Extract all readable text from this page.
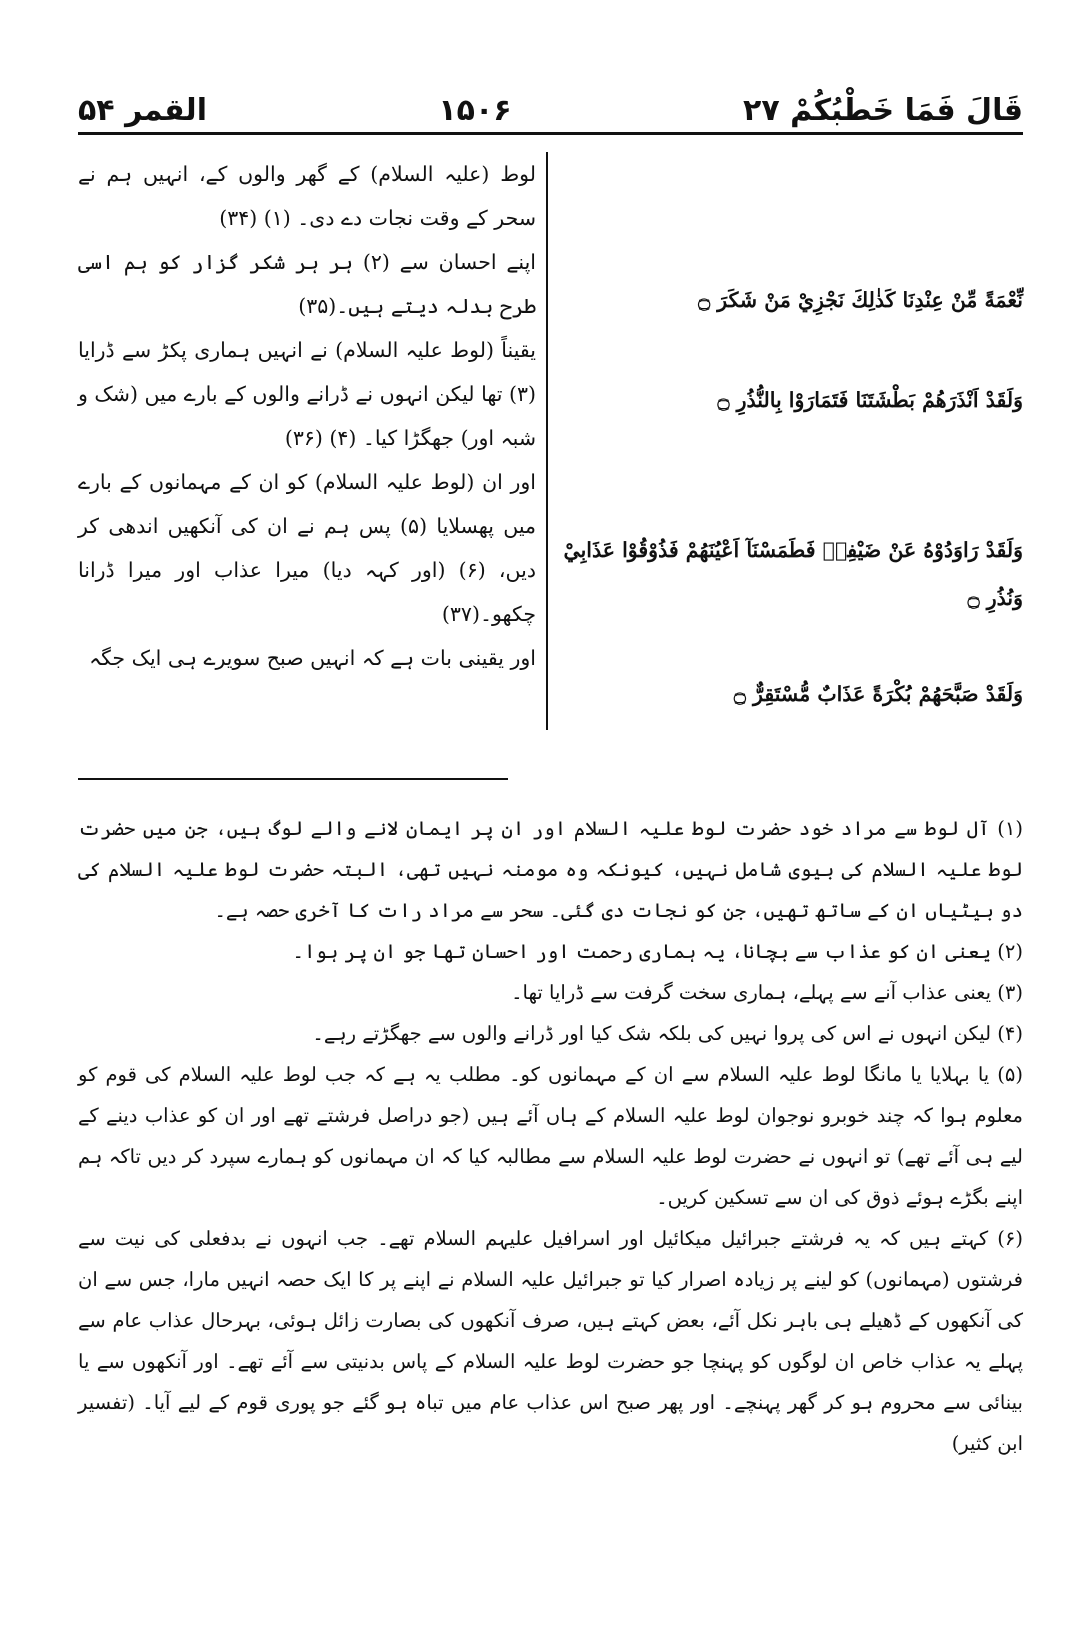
القمر ۵۴	۱۵۰۶	قَالَ فَمَا خَطْبُكُمْ ۲۷

لوط (علیہ السلام) کے گھر والوں کے، انہیں ہم نے سحر کے وقت نجات دے دی۔ (۱) (۳۴)

اپنے احسان سے (۲) ہر ہر شکر گزار کو ہم اسی طرح بدلہ دیتے ہیں۔(۳۵)

یقیناً (لوط علیہ السلام) نے انہیں ہماری پکڑ سے ڈرایا (۳) تھا لیکن انہوں نے ڈرانے والوں کے بارے میں (شک و شبہ اور) جھگڑا کیا۔ (۴) (۳۶)

اور ان (لوط علیہ السلام) کو ان کے مہمانوں کے بارے میں پھسلایا (۵) پس ہم نے ان کی آنکھیں اندھی کر دیں، (۶) (اور کہہ دیا) میرا عذاب اور میرا ڈرانا چکھو۔(۳۷)

اور یقینی بات ہے کہ انہیں صبح سویرے ہی ایک جگہ

نِّعْمَةً مِّنْ عِنْدِنَا كَذٰلِكَ نَجْزِيْ مَنْ شَكَرَ ۝
وَلَقَدْ اَنْذَرَهُمْ بَطْشَتَنَا فَتَمَارَوْا بِالنُّذُرِ ۝
وَلَقَدْ رَاوَدُوْهُ عَنْ ضَيْفِهٖ فَطَمَسْنَآ اَعْيُنَهُمْ فَذُوْقُوْا عَذَابِيْ وَنُذُرِ ۝
وَلَقَدْ صَبَّحَهُمْ بُكْرَةً عَذَابٌ مُّسْتَقِرٌّ ۝

(۱) آل لوط سے مراد خود حضرت لوط علیہ السلام اور ان پر ایمان لانے والے لوگ ہیں، جن میں حضرت لوط علیہ السلام کی بیوی شامل نہیں، کیونکہ وہ مومنہ نہیں تھی، البتہ حضرت لوط علیہ السلام کی دو بیٹیاں ان کے ساتھ تھیں، جن کو نجات دی گئی۔ سحر سے مراد رات کا آخری حصہ ہے۔

(۲) یعنی ان کو عذاب سے بچانا، یہ ہماری رحمت اور احسان تھا جو ان پر ہوا۔

(۳) یعنی عذاب آنے سے پہلے، ہماری سخت گرفت سے ڈرایا تھا۔

(۴) لیکن انہوں نے اس کی پروا نہیں کی بلکہ شک کیا اور ڈرانے والوں سے جھگڑتے رہے۔

(۵) یا بہلایا یا مانگا لوط علیہ السلام سے ان کے مہمانوں کو۔ مطلب یہ ہے کہ جب لوط علیہ السلام کی قوم کو معلوم ہوا کہ چند خوبرو نوجوان لوط علیہ السلام کے ہاں آئے ہیں (جو دراصل فرشتے تھے اور ان کو عذاب دینے کے لیے ہی آئے تھے) تو انہوں نے حضرت لوط علیہ السلام سے مطالبہ کیا کہ ان مہمانوں کو ہمارے سپرد کر دیں تاکہ ہم اپنے بگڑے ہوئے ذوق کی ان سے تسکین کریں۔

(۶) کہتے ہیں کہ یہ فرشتے جبرائیل میکائیل اور اسرافیل علیہم السلام تھے۔ جب انہوں نے بدفعلی کی نیت سے فرشتوں (مہمانوں) کو لینے پر زیادہ اصرار کیا تو جبرائیل علیہ السلام نے اپنے پر کا ایک حصہ انہیں مارا، جس سے ان کی آنکھوں کے ڈھیلے ہی باہر نکل آئے، بعض کہتے ہیں، صرف آنکھوں کی بصارت زائل ہوئی، بہرحال عذاب عام سے پہلے یہ عذاب خاص ان لوگوں کو پہنچا جو حضرت لوط علیہ السلام کے پاس بدنیتی سے آئے تھے۔ اور آنکھوں سے یا بینائی سے محروم ہو کر گھر پہنچے۔ اور پھر صبح اس عذاب عام میں تباہ ہو گئے جو پوری قوم کے لیے آیا۔ (تفسیر ابن کثیر)
